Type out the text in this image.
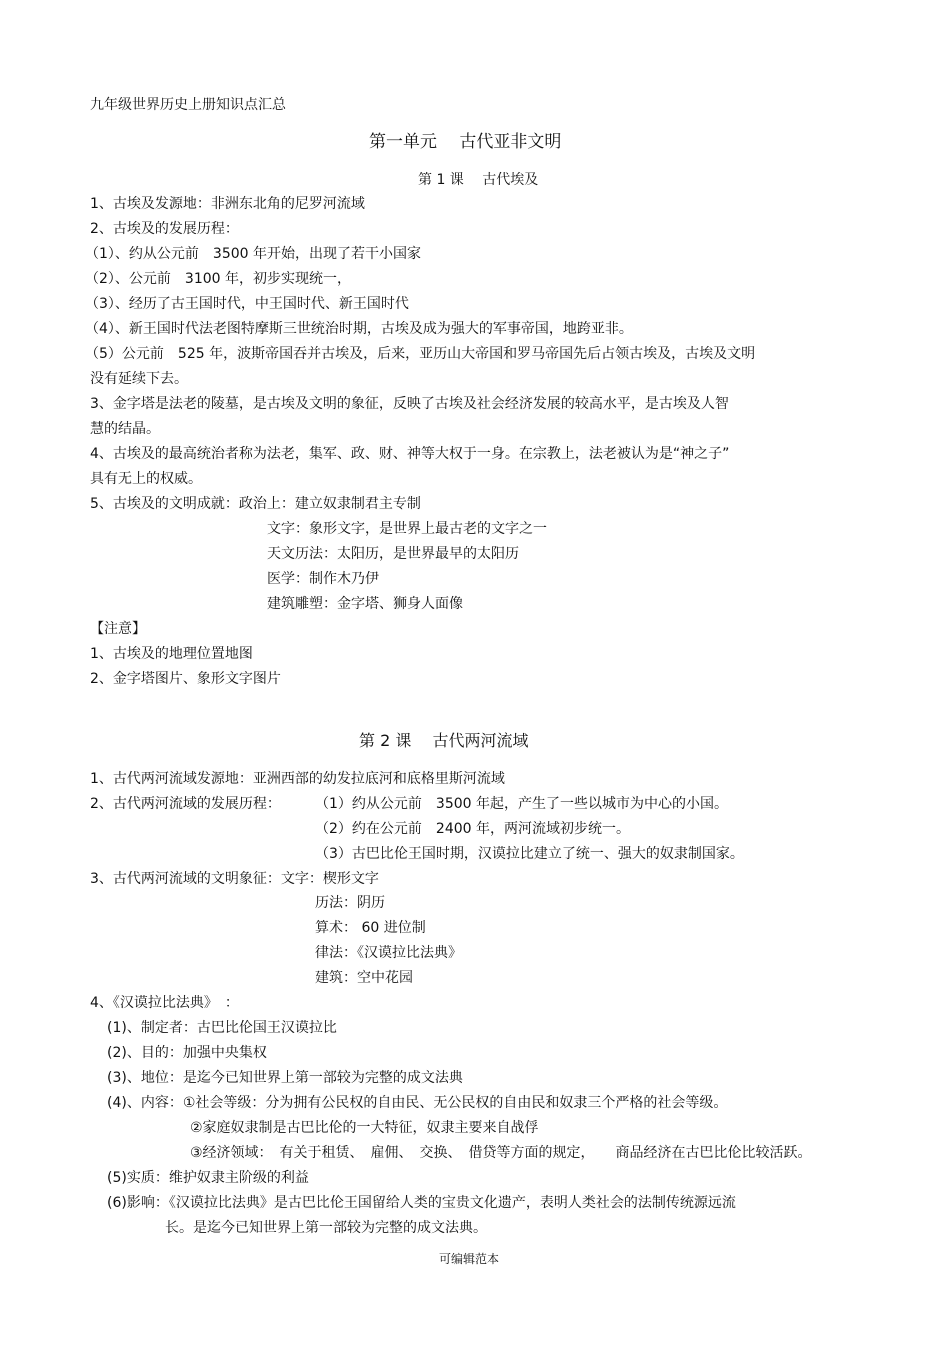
九年级世界历史上册知识点汇总
第一单元　 古代亚非文明
第 1 课　 古代埃及
1、古埃及发源地：非洲东北角的尼罗河流域
2、古埃及的发展历程：
（1）、约从公元前　3500 年开始，出现了若干小国家
（2）、公元前　3100 年，初步实现统一，
（3）、经历了古王国时代，中王国时代、新王国时代
（4）、新王国时代法老图特摩斯三世统治时期，古埃及成为强大的军事帝国，地跨亚非。
（5）公元前　525 年，波斯帝国吞并古埃及，后来，亚历山大帝国和罗马帝国先后占领古埃及，古埃及文明
没有延续下去。
3、金字塔是法老的陵墓，是古埃及文明的象征，反映了古埃及社会经济发展的较高水平，是古埃及人智
慧的结晶。
4、古埃及的最高统治者称为法老，集军、政、财、神等大权于一身。在宗教上，法老被认为是“神之子”
具有无上的权威。
5、古埃及的文明成就：政治上：建立奴隶制君主专制
文字：象形文字，是世界上最古老的文字之一
天文历法：太阳历，是世界最早的太阳历
医学：制作木乃伊
建筑雕塑：金字塔、狮身人面像
【注意】
1、古埃及的地理位置地图
2、金字塔图片、象形文字图片
第 2 课　 古代两河流域
1、古代两河流域发源地：亚洲西部的幼发拉底河和底格里斯河流域
2、古代两河流域的发展历程： （1）约从公元前　3500 年起，产生了一些以城市为中心的小国。
（2）约在公元前　2400 年，两河流域初步统一。
（3）古巴比伦王国时期，汉谟拉比建立了统一、强大的奴隶制国家。
3、古代两河流域的文明象征：文字：楔形文字
历法：阴历
算术： 60 进位制
律法：《汉谟拉比法典》
建筑：空中花园
4、《汉谟拉比法典》　：
(1)、制定者：古巴比伦国王汉谟拉比
(2)、目的：加强中央集权
(3)、地位：是迄今已知世界上第一部较为完整的成文法典
(4)、内容：①社会等级：分为拥有公民权的自由民、无公民权的自由民和奴隶三个严格的社会等级。
②家庭奴隶制是古巴比伦的一大特征，奴隶主要来自战俘
③经济领域：　有关于租赁、　雇佣、　交换、　借贷等方面的规定，　　商品经济在古巴比伦比较活跃。
(5)实质：维护奴隶主阶级的利益
(6)影响：《汉谟拉比法典》是古巴比伦王国留给人类的宝贵文化遗产，表明人类社会的法制传统源远流
长。是迄今已知世界上第一部较为完整的成文法典。
可编辑范本
